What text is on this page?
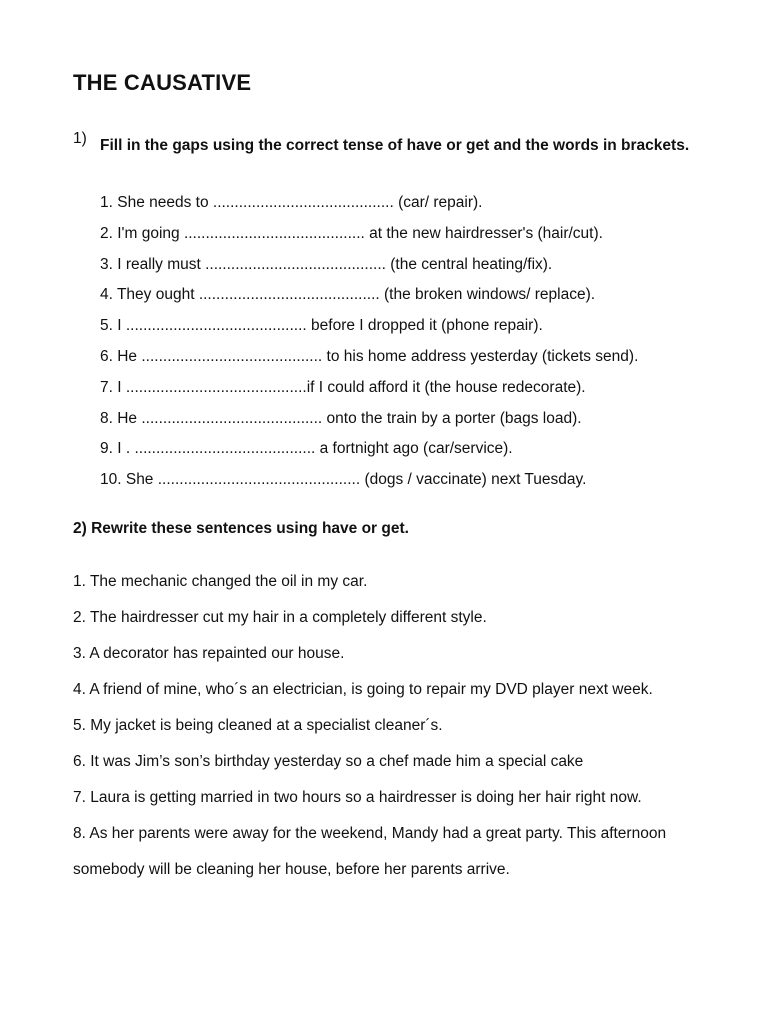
THE CAUSATIVE
1) Fill in the gaps using the correct tense of have or get and the words in brackets.

1. She needs to .......................................... (car/ repair).
2. I'm going .......................................... at the new hairdresser's (hair/cut).
3. I really must .......................................... (the central heating/fix).
4. They ought .......................................... (the broken windows/ replace).
5. I .......................................... before I dropped it (phone repair).
6. He .......................................... to his home address yesterday (tickets send).
7. I ..........................................if I could afford it (the house redecorate).
8. He .......................................... onto the train by a porter (bags load).
9. I . .......................................... a fortnight ago (car/service).
10. She ............................................... (dogs / vaccinate) next Tuesday.

2) Rewrite these sentences using have or get.

1. The mechanic changed the oil in my car.
2. The hairdresser cut my hair in a completely different style.
3. A decorator has repainted our house.
4. A friend of mine, who´s an electrician, is going to repair my DVD player next week.
5. My jacket is being cleaned at a specialist cleaner´s.
6. It was Jim’s son’s birthday yesterday so a chef made him a special cake
7. Laura is getting married in two hours so a hairdresser is doing her hair right now.
8. As her parents were away for the weekend, Mandy had a great party. This afternoon somebody will be cleaning her house, before her parents arrive.
